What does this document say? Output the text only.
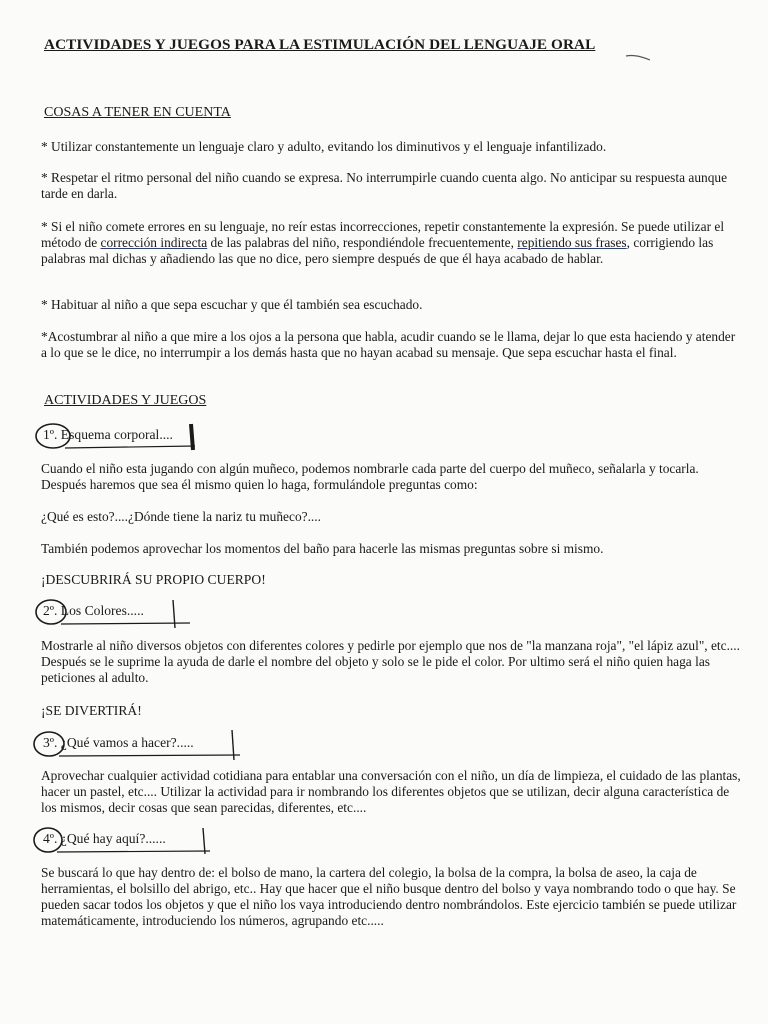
ACTIVIDADES Y JUEGOS PARA LA ESTIMULACIÓN DEL LENGUAJE ORAL
COSAS A TENER EN CUENTA

* Utilizar constantemente un lenguaje claro y adulto, evitando los diminutivos y el lenguaje infantilizado.

* Respetar el ritmo personal del niño cuando se expresa. No interrumpirle cuando cuenta algo. No anticipar su respuesta aunque tarde en darla.

* Si el niño comete errores en su lenguaje, no reír estas incorrecciones, repetir constantemente la expresión. Se puede utilizar el método de corrección indirecta de las palabras del niño, respondiéndole frecuentemente, repitiendo sus frases, corrigiendo las palabras mal dichas y añadiendo las que no dice, pero siempre después de que él haya acabado de hablar.

* Habituar al niño a que sepa escuchar y que él también sea escuchado.

*Acostumbrar al niño a que mire a los ojos a la persona que habla, acudir cuando se le llama, dejar lo que esta haciendo y atender a lo que se le dice, no interrumpir a los demás hasta que no hayan acabad su mensaje. Que sepa escuchar hasta el final.

ACTIVIDADES Y JUEGOS
1º. Esquema corporal....

Cuando el niño esta jugando con algún muñeco, podemos nombrarle cada parte del cuerpo del muñeco, señalarla y tocarla. Después haremos que sea él mismo quien lo haga, formulándole preguntas como:

¿Qué es esto?....¿Dónde tiene la nariz tu muñeco?....

También podemos aprovechar los momentos del baño para hacerle las mismas preguntas sobre si mismo.

¡DESCUBRIRÁ SU PROPIO CUERPO!
2º. Los Colores.....

Mostrarle al niño diversos objetos con diferentes colores y pedirle por ejemplo que nos de "la manzana roja", "el lápiz azul", etc.... Después se le suprime la ayuda de darle el nombre del objeto y solo se le pide el color. Por ultimo será el niño quien haga las peticiones al adulto.

¡SE DIVERTIRÁ!
3º. ¿Qué vamos a hacer?.....

Aprovechar cualquier actividad cotidiana para entablar una conversación con el niño, un día de limpieza, el cuidado de las plantas, hacer un pastel, etc.... Utilizar la actividad para ir nombrando los diferentes objetos que se utilizan, decir alguna característica de los mismos, decir cosas que sean parecidas, diferentes, etc....

4º. ¿Qué hay aquí?......

Se buscará lo que hay dentro de: el bolso de mano, la cartera del colegio, la bolsa de la compra, la bolsa de aseo, la caja de herramientas, el bolsillo del abrigo, etc.. Hay que hacer que el niño busque dentro del bolso y vaya nombrando todo o que hay. Se pueden sacar todos los objetos y que el niño los vaya introduciendo dentro nombrándolos. Este ejercicio también se puede utilizar matemáticamente, introduciendo los números, agrupando etc.....
